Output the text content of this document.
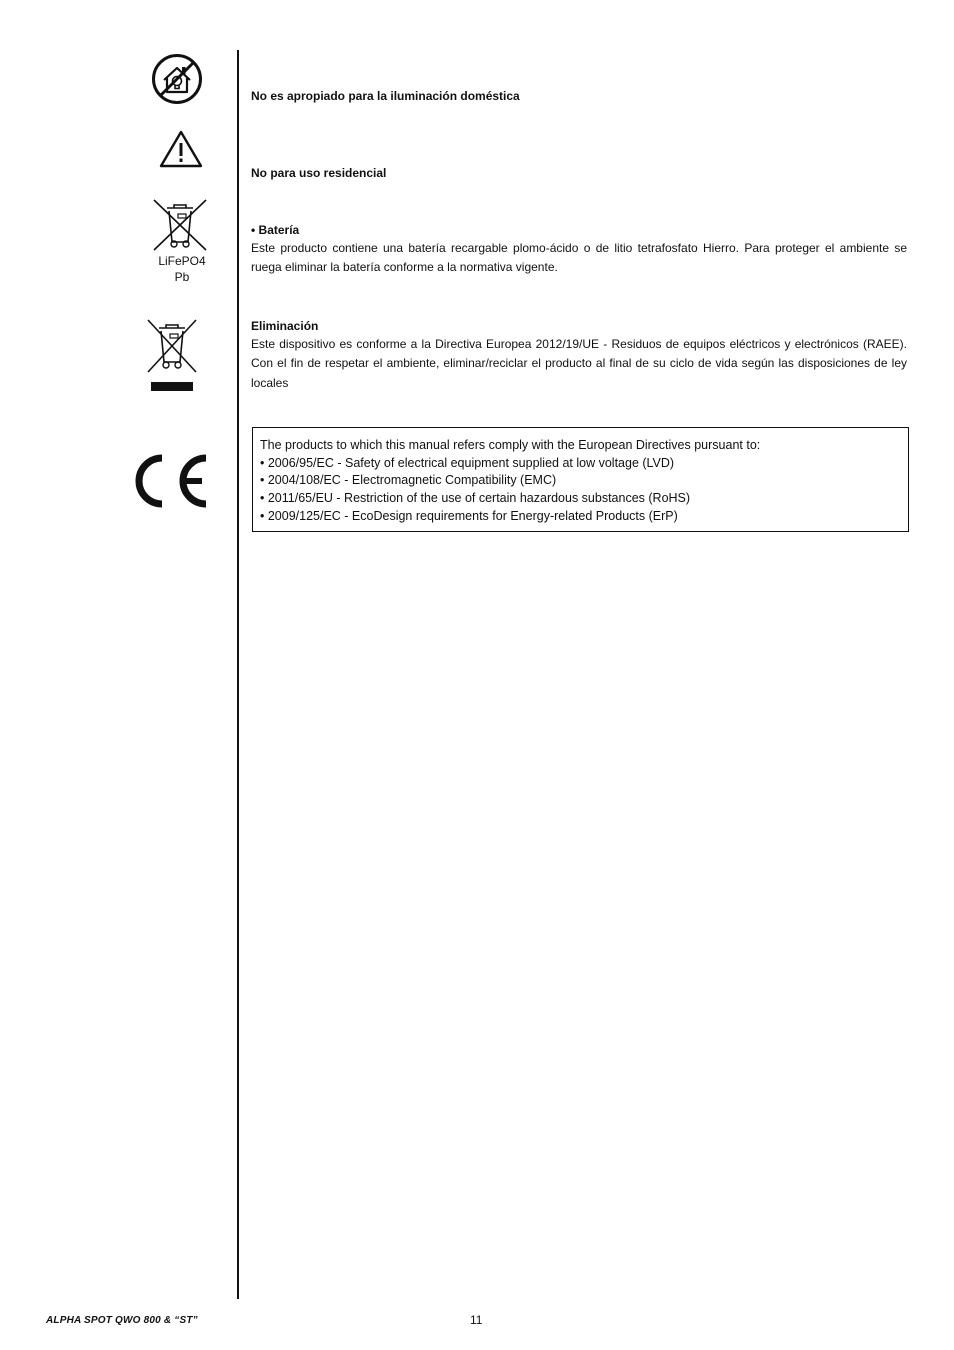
LiFePO4
Pb
No es apropiado para la iluminación doméstica
No para uso residencial
• Batería
Este producto contiene una batería recargable plomo-ácido o de litio tetrafosfato Hierro. Para proteger el ambiente se ruega eliminar la batería conforme a la normativa vigente.
Eliminación
Este dispositivo es conforme a la Directiva Europea 2012/19/UE - Residuos de equipos eléctricos y electrónicos (RAEE). Con el fin de respetar el ambiente, eliminar/reciclar el producto al final de su ciclo de vida según las disposiciones de ley locales
The products to which this manual refers comply with the European Directives pursuant to:
• 2006/95/EC - Safety of electrical equipment supplied at low voltage (LVD)
• 2004/108/EC - Electromagnetic Compatibility (EMC)
• 2011/65/EU - Restriction of the use of certain hazardous substances (RoHS)
• 2009/125/EC - EcoDesign requirements for Energy-related Products (ErP)
ALPHA SPOT QWO 800 & “ST”	11
